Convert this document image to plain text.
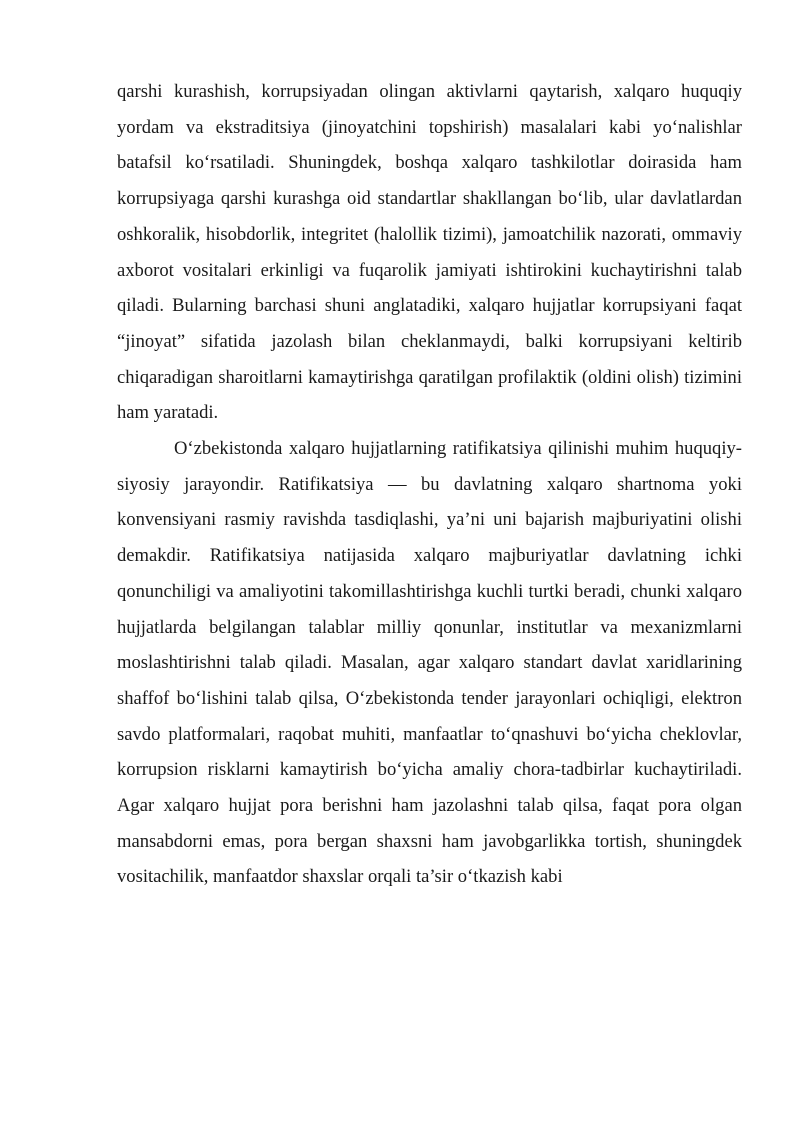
qarshi kurashish, korrupsiyadan olingan aktivlarni qaytarish, xalqaro huquqiy yordam va ekstraditsiya (jinoyatchini topshirish) masalalari kabi yoʻnalishlar batafsil koʻrsatiladi. Shuningdek, boshqa xalqaro tashkilotlar doirasida ham korrupsiyaga qarshi kurashga oid standartlar shakllangan boʻlib, ular davlatlardan oshkoralik, hisobdorlik, integritet (halollik tizimi), jamoatchilik nazorati, ommaviy axborot vositalari erkinligi va fuqarolik jamiyati ishtirokini kuchaytirishni talab qiladi. Bularning barchasi shuni anglatadiki, xalqaro hujjatlar korrupsiyani faqat “jinoyat” sifatida jazolash bilan cheklanmaydi, balki korrupsiyani keltirib chiqaradigan sharoitlarni kamaytirishga qaratilgan profilaktik (oldini olish) tizimini ham yaratadi.

Oʻzbekistonda xalqaro hujjatlarning ratifikatsiya qilinishi muhim huquqiy-siyosiy jarayondir. Ratifikatsiya — bu davlatning xalqaro shartnoma yoki konvensiyani rasmiy ravishda tasdiqlashi, ya’ni uni bajarish majburiyatini olishi demakdir. Ratifikatsiya natijasida xalqaro majburiyatlar davlatning ichki qonunchiligi va amaliyotini takomillashtirishga kuchli turtki beradi, chunki xalqaro hujjatlarda belgilangan talablar milliy qonunlar, institutlar va mexanizmlarni moslashtirishni talab qiladi. Masalan, agar xalqaro standart davlat xaridlarining shaffof boʻlishini talab qilsa, Oʻzbekistonda tender jarayonlari ochiqligi, elektron savdo platformalari, raqobat muhiti, manfaatlar toʻqnashuvi boʻyicha cheklovlar, korrupsion risklarni kamaytirish boʻyicha amaliy chora-tadbirlar kuchaytiriladi. Agar xalqaro hujjat pora berishni ham jazolashni talab qilsa, faqat pora olgan mansabdorni emas, pora bergan shaxsni ham javobgarlikka tortish, shuningdek vositachilik, manfaatdor shaxslar orqali ta’sir oʻtkazish kabi
